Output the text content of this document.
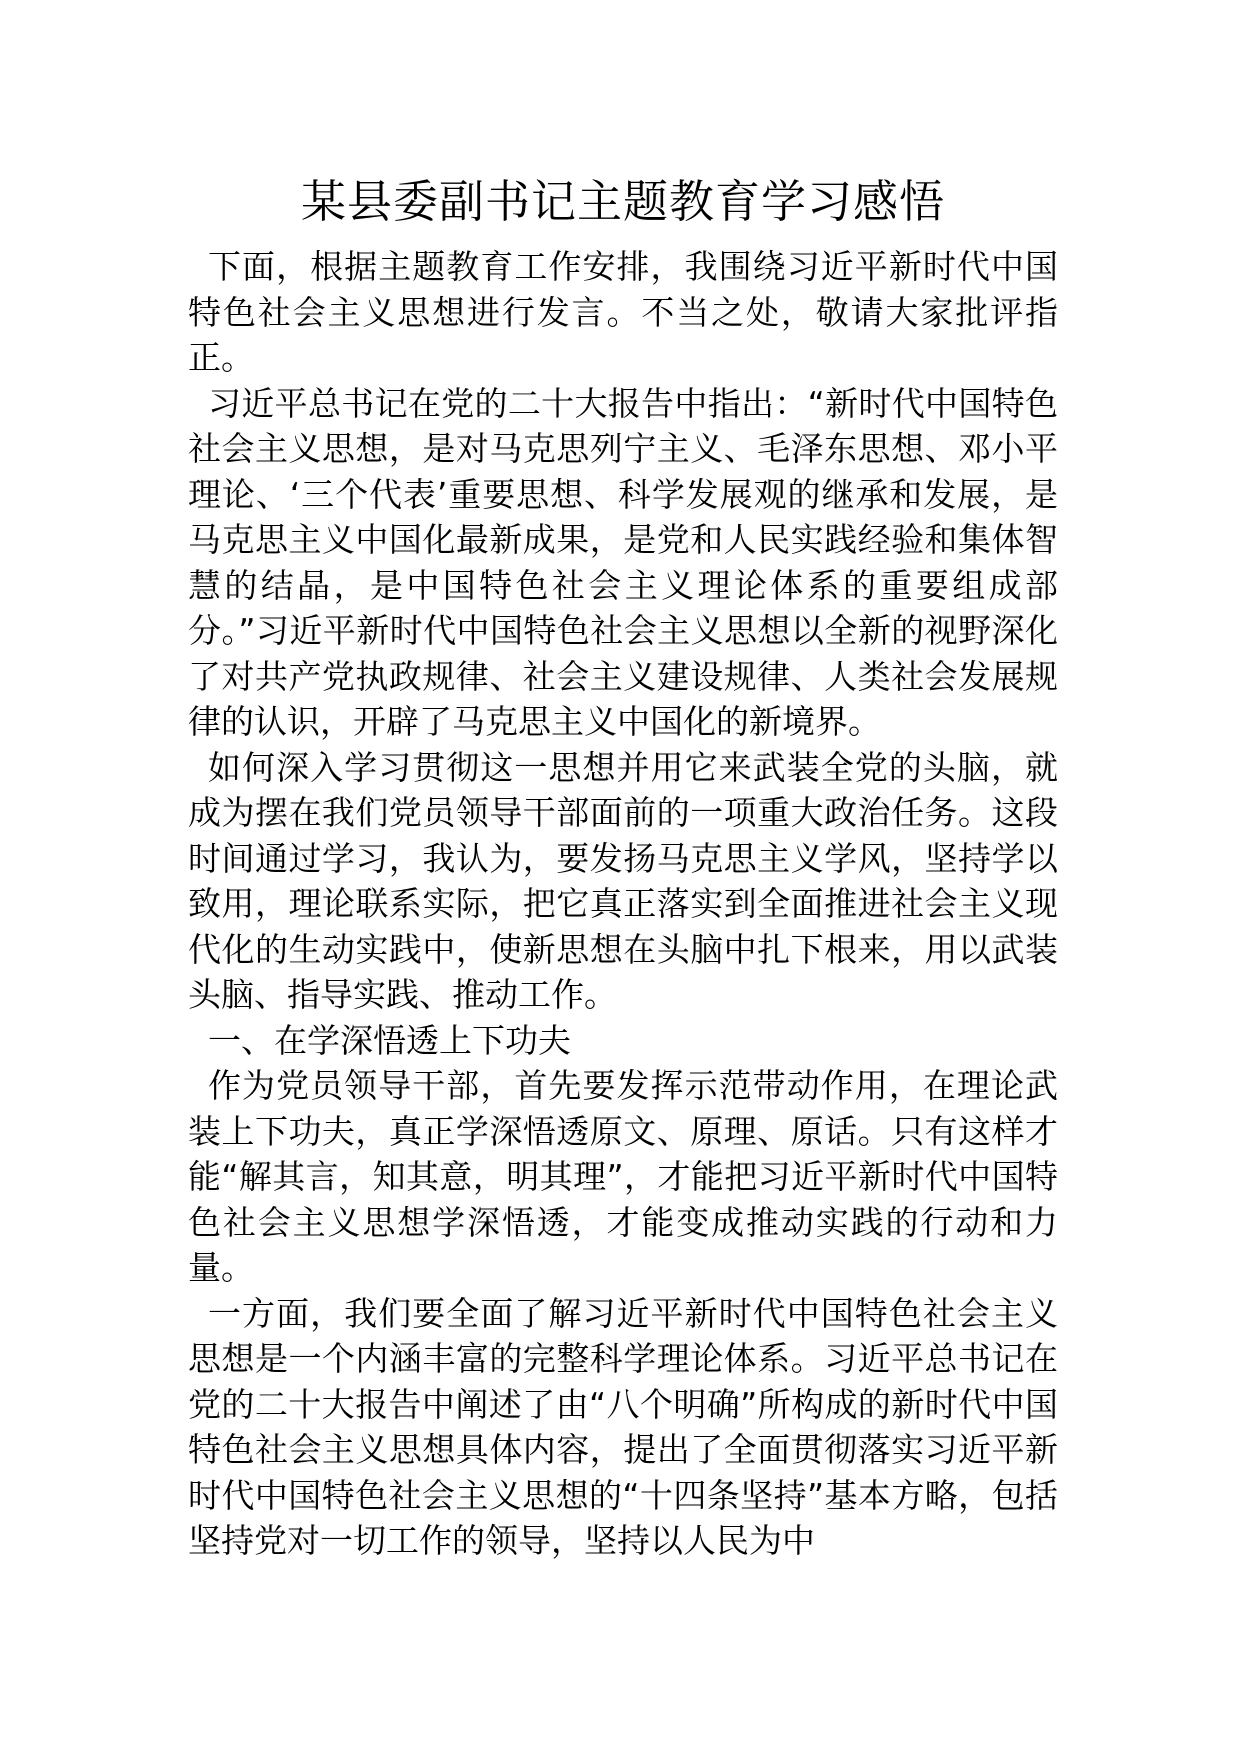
某县委副书记主题教育学习感悟

下面，根据主题教育工作安排，我围绕习近平新时代中国特色社会主义思想进行发言。不当之处，敬请大家批评指正。

习近平总书记在党的二十大报告中指出：“新时代中国特色社会主义思想，是对马克思列宁主义、毛泽东思想、邓小平理论、‘三个代表’重要思想、科学发展观的继承和发展，是马克思主义中国化最新成果，是党和人民实践经验和集体智慧的结晶，是中国特色社会主义理论体系的重要组成部分。”习近平新时代中国特色社会主义思想以全新的视野深化了对共产党执政规律、社会主义建设规律、人类社会发展规律的认识，开辟了马克思主义中国化的新境界。

如何深入学习贯彻这一思想并用它来武装全党的头脑，就成为摆在我们党员领导干部面前的一项重大政治任务。这段时间通过学习，我认为，要发扬马克思主义学风，坚持学以致用，理论联系实际，把它真正落实到全面推进社会主义现代化的生动实践中，使新思想在头脑中扎下根来，用以武装头脑、指导实践、推动工作。

一、在学深悟透上下功夫

作为党员领导干部，首先要发挥示范带动作用，在理论武装上下功夫，真正学深悟透原文、原理、原话。只有这样才能“解其言，知其意，明其理”，才能把习近平新时代中国特色社会主义思想学深悟透，才能变成推动实践的行动和力量。

一方面，我们要全面了解习近平新时代中国特色社会主义思想是一个内涵丰富的完整科学理论体系。习近平总书记在党的二十大报告中阐述了由“八个明确”所构成的新时代中国特色社会主义思想具体内容，提出了全面贯彻落实习近平新时代中国特色社会主义思想的“十四条坚持”基本方略，包括坚持党对一切工作的领导，坚持以人民为中
